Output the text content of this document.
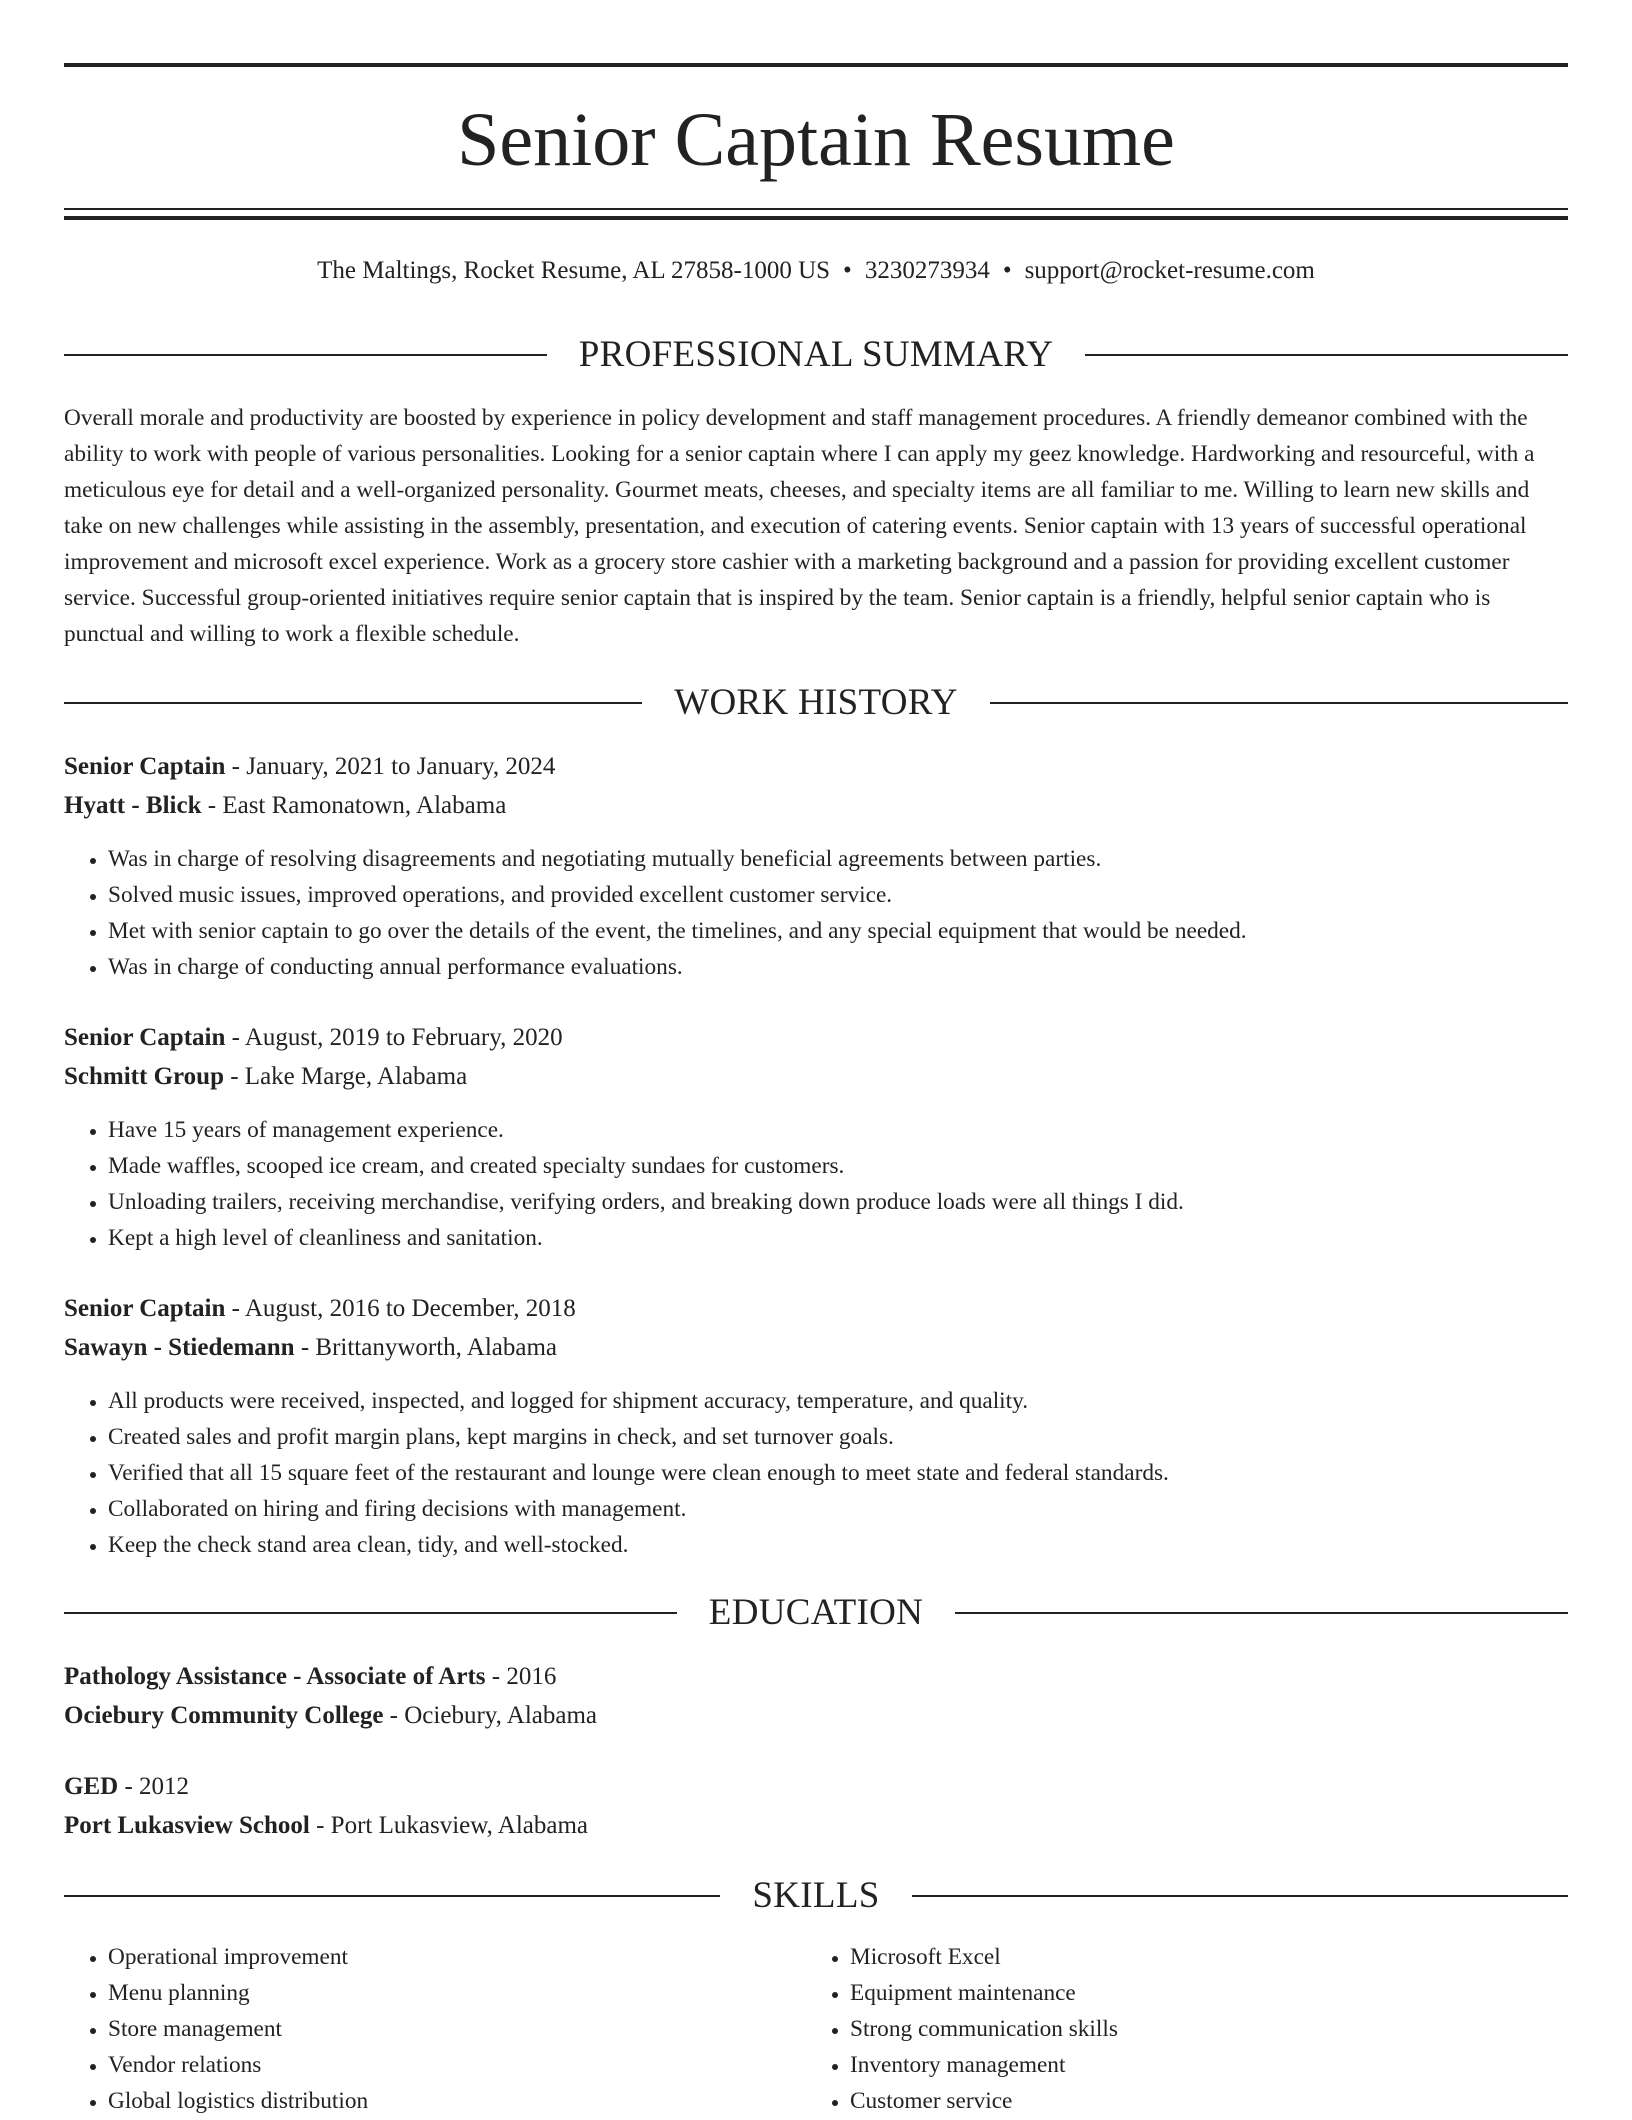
Senior Captain Resume
The Maltings, Rocket Resume, AL 27858-1000 US • 3230273934 • support@rocket-resume.com
PROFESSIONAL SUMMARY

Overall morale and productivity are boosted by experience in policy development and staff management procedures. A friendly demeanor combined with the ability to work with people of various personalities. Looking for a senior captain where I can apply my geez knowledge. Hardworking and resourceful, with a meticulous eye for detail and a well-organized personality. Gourmet meats, cheeses, and specialty items are all familiar to me. Willing to learn new skills and take on new challenges while assisting in the assembly, presentation, and execution of catering events. Senior captain with 13 years of successful operational improvement and microsoft excel experience. Work as a grocery store cashier with a marketing background and a passion for providing excellent customer service. Successful group-oriented initiatives require senior captain that is inspired by the team. Senior captain is a friendly, helpful senior captain who is punctual and willing to work a flexible schedule.

WORK HISTORY
Senior Captain - January, 2021 to January, 2024
Hyatt - Blick - East Ramonatown, Alabama
• Was in charge of resolving disagreements and negotiating mutually beneficial agreements between parties.
• Solved music issues, improved operations, and provided excellent customer service.
• Met with senior captain to go over the details of the event, the timelines, and any special equipment that would be needed.
• Was in charge of conducting annual performance evaluations.
Senior Captain - August, 2019 to February, 2020
Schmitt Group - Lake Marge, Alabama
• Have 15 years of management experience.
• Made waffles, scooped ice cream, and created specialty sundaes for customers.
• Unloading trailers, receiving merchandise, verifying orders, and breaking down produce loads were all things I did.
• Kept a high level of cleanliness and sanitation.
Senior Captain - August, 2016 to December, 2018
Sawayn - Stiedemann - Brittanyworth, Alabama
• All products were received, inspected, and logged for shipment accuracy, temperature, and quality.
• Created sales and profit margin plans, kept margins in check, and set turnover goals.
• Verified that all 15 square feet of the restaurant and lounge were clean enough to meet state and federal standards.
• Collaborated on hiring and firing decisions with management.
• Keep the check stand area clean, tidy, and well-stocked.
EDUCATION
Pathology Assistance - Associate of Arts - 2016
Ociebury Community College - Ociebury, Alabama
GED - 2012
Port Lukasview School - Port Lukasview, Alabama
SKILLS
• Operational improvement
• Menu planning
• Store management
• Vendor relations
• Global logistics distribution
• Microsoft Excel
• Equipment maintenance
• Strong communication skills
• Inventory management
• Customer service
